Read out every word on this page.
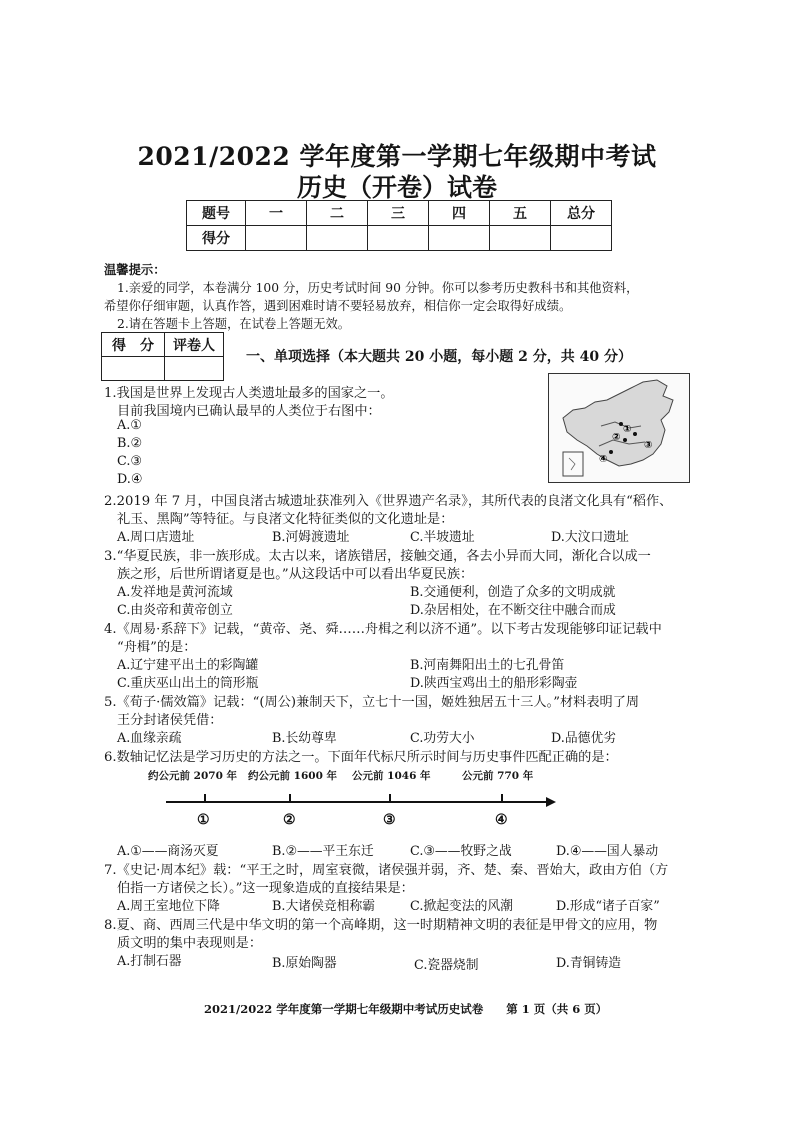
2021/2022 学年度第一学期七年级期中考试
历史（开卷）试卷
题号	一	二	三	四	五	总分
得分						
温馨提示：
1.亲爱的同学，本卷满分 100 分，历史考试时间 90 分钟。你可以参考历史教科书和其他资料，
希望你仔细审题，认真作答，遇到困难时请不要轻易放弃，相信你一定会取得好成绩。
2.请在答题卡上答题，在试卷上答题无效。
得　分	评卷人

一、单项选择（本大题共 20 小题，每小题 2 分，共 40 分）
①
②
③
④
1.我国是世界上发现古人类遗址最多的国家之一。
目前我国境内已确认最早的人类位于右图中：
A.①
B.②
C.③
D.④
2.2019 年 7 月，中国良渚古城遗址获准列入《世界遗产名录》，其所代表的良渚文化具有“稻作、
礼玉、黑陶”等特征。与良渚文化特征类似的文化遗址是：
A.周口店遗址	B.河姆渡遗址	C.半坡遗址	D.大汶口遗址
3.“华夏民族，非一族形成。太古以来，诸族错居，接触交通，各去小异而大同，渐化合以成一
族之形，后世所谓诸夏是也。”从这段话中可以看出华夏民族：
A.发祥地是黄河流域	B.交通便利，创造了众多的文明成就
C.由炎帝和黄帝创立	D.杂居相处，在不断交往中融合而成
4.《周易·系辞下》记载，“黄帝、尧、舜……舟楫之利以济不通”。以下考古发现能够印证记载中
“舟楫”的是：
A.辽宁建平出土的彩陶罐	B.河南舞阳出土的七孔骨笛
C.重庆巫山出土的筒形瓶	D.陕西宝鸡出土的船形彩陶壶
5.《荀子·儒效篇》记载：“(周公)兼制天下，立七十一国，姬姓独居五十三人。”材料表明了周
王分封诸侯凭借：
A.血缘亲疏	B.长幼尊卑	C.功劳大小	D.品德优劣
6.数轴记忆法是学习历史的方法之一。下面年代标尺所示时间与历史事件匹配正确的是：
约公元前 2070 年 约公元前 1600 年 公元前 1046 年	公元前 770 年
①	②	③	④
A.①——商汤灭夏	B.②——平王东迁	C.③——牧野之战	D.④——国人暴动
7.《史记·周本纪》载：“平王之时，周室衰微，诸侯强并弱，齐、楚、秦、晋始大，政由方伯（方
伯指一方诸侯之长）。”这一现象造成的直接结果是：
A.周王室地位下降	B.大诸侯竞相称霸	C.掀起变法的风潮	D.形成“诸子百家”
8.夏、商、西周三代是中华文明的第一个高峰期，这一时期精神文明的表征是甲骨文的应用，物
质文明的集中表现则是：
A.打制石器	B.原始陶器	C.瓷器烧制	D.青铜铸造
2021/2022 学年度第一学期七年级期中考试历史试卷　　第 1 页（共 6 页）
